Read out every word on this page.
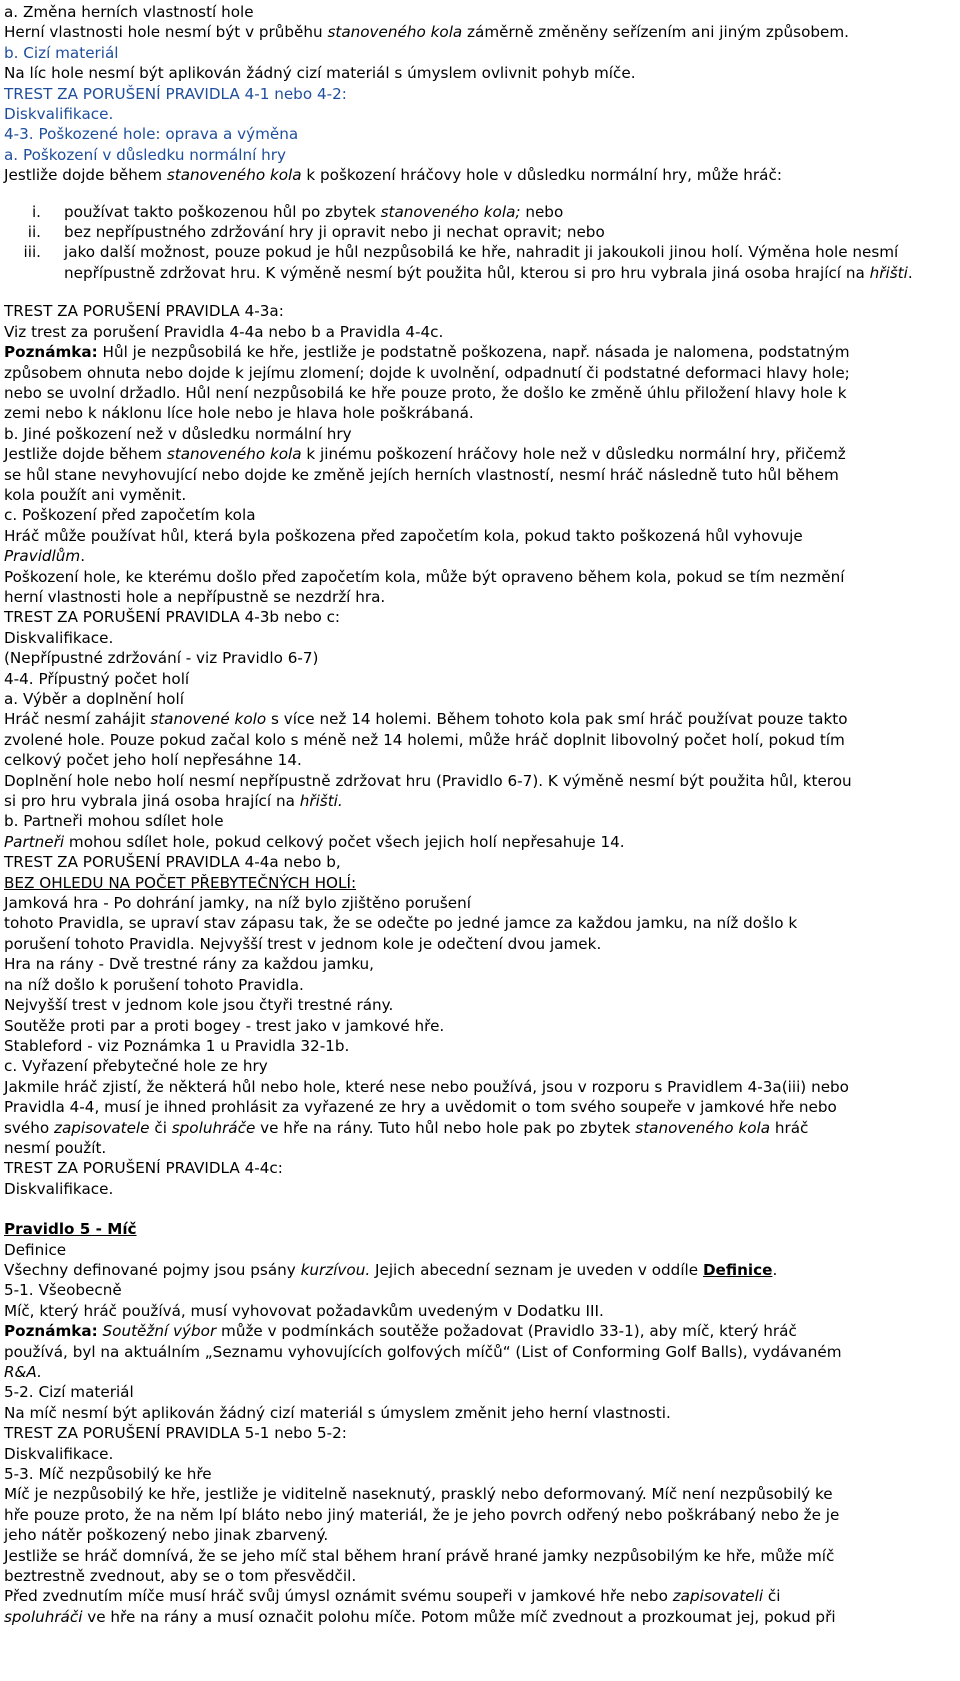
a. Změna herních vlastností hole
Herní vlastnosti hole nesmí být v průběhu stanoveného kola záměrně změněny seřízením ani jiným způsobem.
b. Cizí materiál
Na líc hole nesmí být aplikován žádný cizí materiál s úmyslem ovlivnit pohyb míče.
TREST ZA PORUŠENÍ PRAVIDLA 4-1 nebo 4-2:
Diskvalifikace.
4-3. Poškozené hole: oprava a výměna
a. Poškození v důsledku normální hry
Jestliže dojde během stanoveného kola k poškození hráčovy hole v důsledku normální hry, může hráč:
i.	používat takto poškozenou hůl po zbytek stanoveného kola; nebo
ii.	bez nepřípustného zdržování hry ji opravit nebo ji nechat opravit; nebo
iii.	jako další možnost, pouze pokud je hůl nezpůsobilá ke hře, nahradit ji jakoukoli jinou holí. Výměna hole nesmí nepřípustně zdržovat hru. K výměně nesmí být použita hůl, kterou si pro hru vybrala jiná osoba hrající na hřišti.
TREST ZA PORUŠENÍ PRAVIDLA 4-3a:
Viz trest za porušení Pravidla 4-4a nebo b a Pravidla 4-4c.
Poznámka: Hůl je nezpůsobilá ke hře, jestliže je podstatně poškozena, např. násada je nalomena, podstatným
způsobem ohnuta nebo dojde k jejímu zlomení; dojde k uvolnění, odpadnutí či podstatné deformaci hlavy hole;
nebo se uvolní držadlo. Hůl není nezpůsobilá ke hře pouze proto, že došlo ke změně úhlu přiložení hlavy hole k
zemi nebo k náklonu líce hole nebo je hlava hole poškrábaná.
b. Jiné poškození než v důsledku normální hry
Jestliže dojde během stanoveného kola k jinému poškození hráčovy hole než v důsledku normální hry, přičemž
se hůl stane nevyhovující nebo dojde ke změně jejích herních vlastností, nesmí hráč následně tuto hůl během
kola použít ani vyměnit.
c. Poškození před započetím kola
Hráč může používat hůl, která byla poškozena před započetím kola, pokud takto poškozená hůl vyhovuje
Pravidlům.
Poškození hole, ke kterému došlo před započetím kola, může být opraveno během kola, pokud se tím nezmění
herní vlastnosti hole a nepřípustně se nezdrží hra.
TREST ZA PORUŠENÍ PRAVIDLA 4-3b nebo c:
Diskvalifikace.
(Nepřípustné zdržování - viz Pravidlo 6-7)
4-4. Přípustný počet holí
a. Výběr a doplnění holí
Hráč nesmí zahájit stanovené kolo s více než 14 holemi. Během tohoto kola pak smí hráč používat pouze takto
zvolené hole. Pouze pokud začal kolo s méně než 14 holemi, může hráč doplnit libovolný počet holí, pokud tím
celkový počet jeho holí nepřesáhne 14.
Doplnění hole nebo holí nesmí nepřípustně zdržovat hru (Pravidlo 6-7). K výměně nesmí být použita hůl, kterou
si pro hru vybrala jiná osoba hrající na hřišti.
b. Partneři mohou sdílet hole
Partneři mohou sdílet hole, pokud celkový počet všech jejich holí nepřesahuje 14.
TREST ZA PORUŠENÍ PRAVIDLA 4-4a nebo b,
BEZ OHLEDU NA POČET PŘEBYTEČNÝCH HOLÍ:
Jamková hra - Po dohrání jamky, na níž bylo zjištěno porušení
tohoto Pravidla, se upraví stav zápasu tak, že se odečte po jedné jamce za každou jamku, na níž došlo k
porušení tohoto Pravidla. Nejvyšší trest v jednom kole je odečtení dvou jamek.
Hra na rány - Dvě trestné rány za každou jamku,
na níž došlo k porušení tohoto Pravidla.
Nejvyšší trest v jednom kole jsou čtyři trestné rány.
Soutěže proti par a proti bogey - trest jako v jamkové hře.
Stableford - viz Poznámka 1 u Pravidla 32-1b.
c. Vyřazení přebytečné hole ze hry
Jakmile hráč zjistí, že některá hůl nebo hole, které nese nebo používá, jsou v rozporu s Pravidlem 4-3a(iii) nebo
Pravidla 4-4, musí je ihned prohlásit za vyřazené ze hry a uvědomit o tom svého soupeře v jamkové hře nebo
svého zapisovatele či spoluhráče ve hře na rány. Tuto hůl nebo hole pak po zbytek stanoveného kola hráč
nesmí použít.
TREST ZA PORUŠENÍ PRAVIDLA 4-4c:
Diskvalifikace.
Pravidlo 5 - Míč
Definice
Všechny definované pojmy jsou psány kurzívou. Jejich abecední seznam je uveden v oddíle Definice.
5-1. Všeobecně
Míč, který hráč používá, musí vyhovovat požadavkům uvedeným v Dodatku III.
Poznámka: Soutěžní výbor může v podmínkách soutěže požadovat (Pravidlo 33-1), aby míč, který hráč
používá, byl na aktuálním „Seznamu vyhovujících golfových míčů“ (List of Conforming Golf Balls), vydávaném
R&A.
5-2. Cizí materiál
Na míč nesmí být aplikován žádný cizí materiál s úmyslem změnit jeho herní vlastnosti.
TREST ZA PORUŠENÍ PRAVIDLA 5-1 nebo 5-2:
Diskvalifikace.
5-3. Míč nezpůsobilý ke hře
Míč je nezpůsobilý ke hře, jestliže je viditelně naseknutý, prasklý nebo deformovaný. Míč není nezpůsobilý ke
hře pouze proto, že na něm lpí bláto nebo jiný materiál, že je jeho povrch odřený nebo poškrábaný nebo že je
jeho nátěr poškozený nebo jinak zbarvený.
Jestliže se hráč domnívá, že se jeho míč stal během hraní právě hrané jamky nezpůsobilým ke hře, může míč
beztrestně zvednout, aby se o tom přesvědčil.
Před zvednutím míče musí hráč svůj úmysl oznámit svému soupeři v jamkové hře nebo zapisovateli či
spoluhráči ve hře na rány a musí označit polohu míče. Potom může míč zvednout a prozkoumat jej, pokud při
